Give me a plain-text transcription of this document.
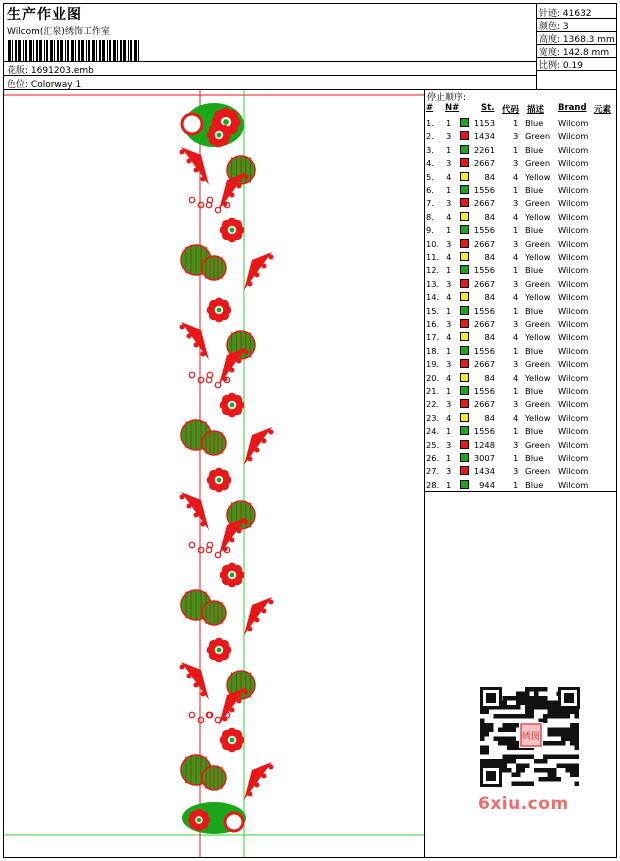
生产作业图
Wilcom(汇泉)绣饰工作室
花版: 1691203.emb
色位: Colorway 1
针迹: 41632
颜色: 3
高度: 1368.3 mm
宽度: 142.8 mm
比例: 0.19
停止顺序:
# N#	St. 代码 描述 Brand 元素
1. 1	1153 1 Blue Wilcom
2. 3	1434 3 Green Wilcom
3. 1	2261 1 Blue Wilcom
4. 3	2667 3 Green Wilcom
5. 4	84 4 Yellow Wilcom
6. 1	1556 1 Blue Wilcom
7. 3	2667 3 Green Wilcom
8. 4	84 4 Yellow Wilcom
9. 1	1556 1 Blue Wilcom
10. 3	2667 3 Green Wilcom
11. 4	84 4 Yellow Wilcom
12. 1	1556 1 Blue Wilcom
13. 3	2667 3 Green Wilcom
14. 4	84 4 Yellow Wilcom
15. 1	1556 1 Blue Wilcom
16. 3	2667 3 Green Wilcom
17. 4	84 4 Yellow Wilcom
18. 1	1556 1 Blue Wilcom
19. 3	2667 3 Green Wilcom
20. 4	84 4 Yellow Wilcom
21. 1	1556 1 Blue Wilcom
22. 3	2667 3 Green Wilcom
23. 4	84 4 Yellow Wilcom
24. 1	1556 1 Blue Wilcom
25. 3	1248 3 Green Wilcom
26. 1	3007 1 Blue Wilcom
27. 3	1434 3 Green Wilcom
28. 1	944 1 Blue Wilcom
绣图
6xiu.com
